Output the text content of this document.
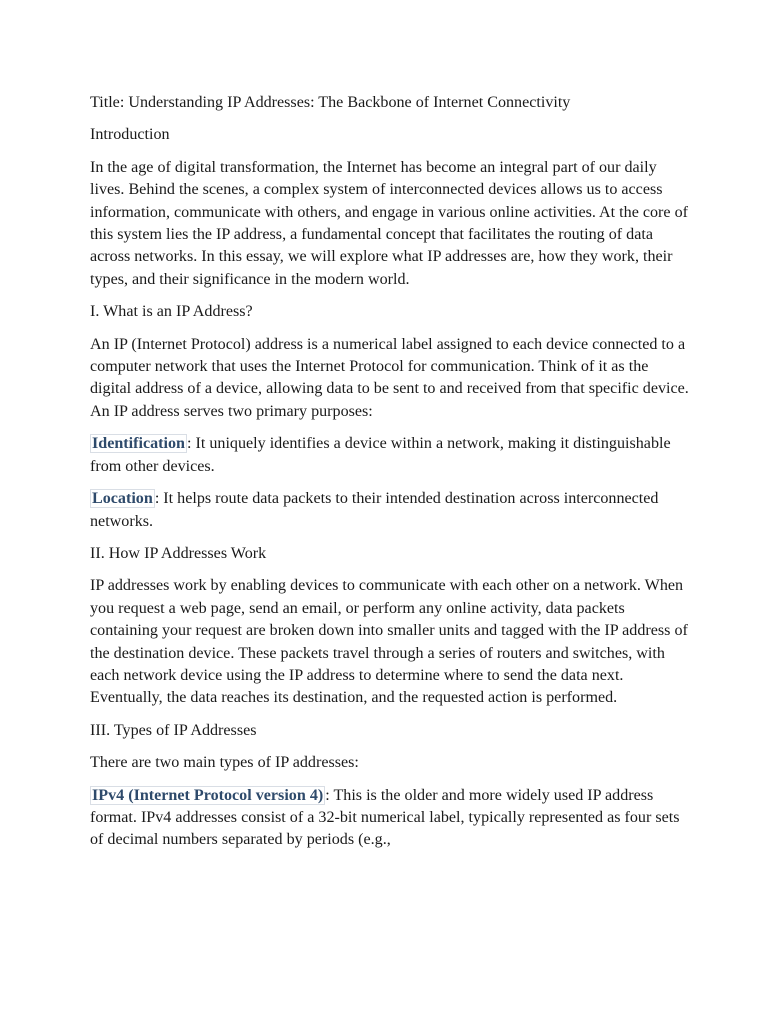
Title: Understanding IP Addresses: The Backbone of Internet Connectivity

Introduction

In the age of digital transformation, the Internet has become an integral part of our daily lives. Behind the scenes, a complex system of interconnected devices allows us to access information, communicate with others, and engage in various online activities. At the core of this system lies the IP address, a fundamental concept that facilitates the routing of data across networks. In this essay, we will explore what IP addresses are, how they work, their types, and their significance in the modern world.

I. What is an IP Address?

An IP (Internet Protocol) address is a numerical label assigned to each device connected to a computer network that uses the Internet Protocol for communication. Think of it as the digital address of a device, allowing data to be sent to and received from that specific device. An IP address serves two primary purposes:

Identification : It uniquely identifies a device within a network, making it distinguishable from other devices.

Location : It helps route data packets to their intended destination across interconnected networks.

II. How IP Addresses Work

IP addresses work by enabling devices to communicate with each other on a network. When you request a web page, send an email, or perform any online activity, data packets containing your request are broken down into smaller units and tagged with the IP address of the destination device. These packets travel through a series of routers and switches, with each network device using the IP address to determine where to send the data next. Eventually, the data reaches its destination, and the requested action is performed.

III. Types of IP Addresses

There are two main types of IP addresses:

IPv4 (Internet Protocol version 4) : This is the older and more widely used IP address format. IPv4 addresses consist of a 32-bit numerical label, typically represented as four sets of decimal numbers separated by periods (e.g.,
